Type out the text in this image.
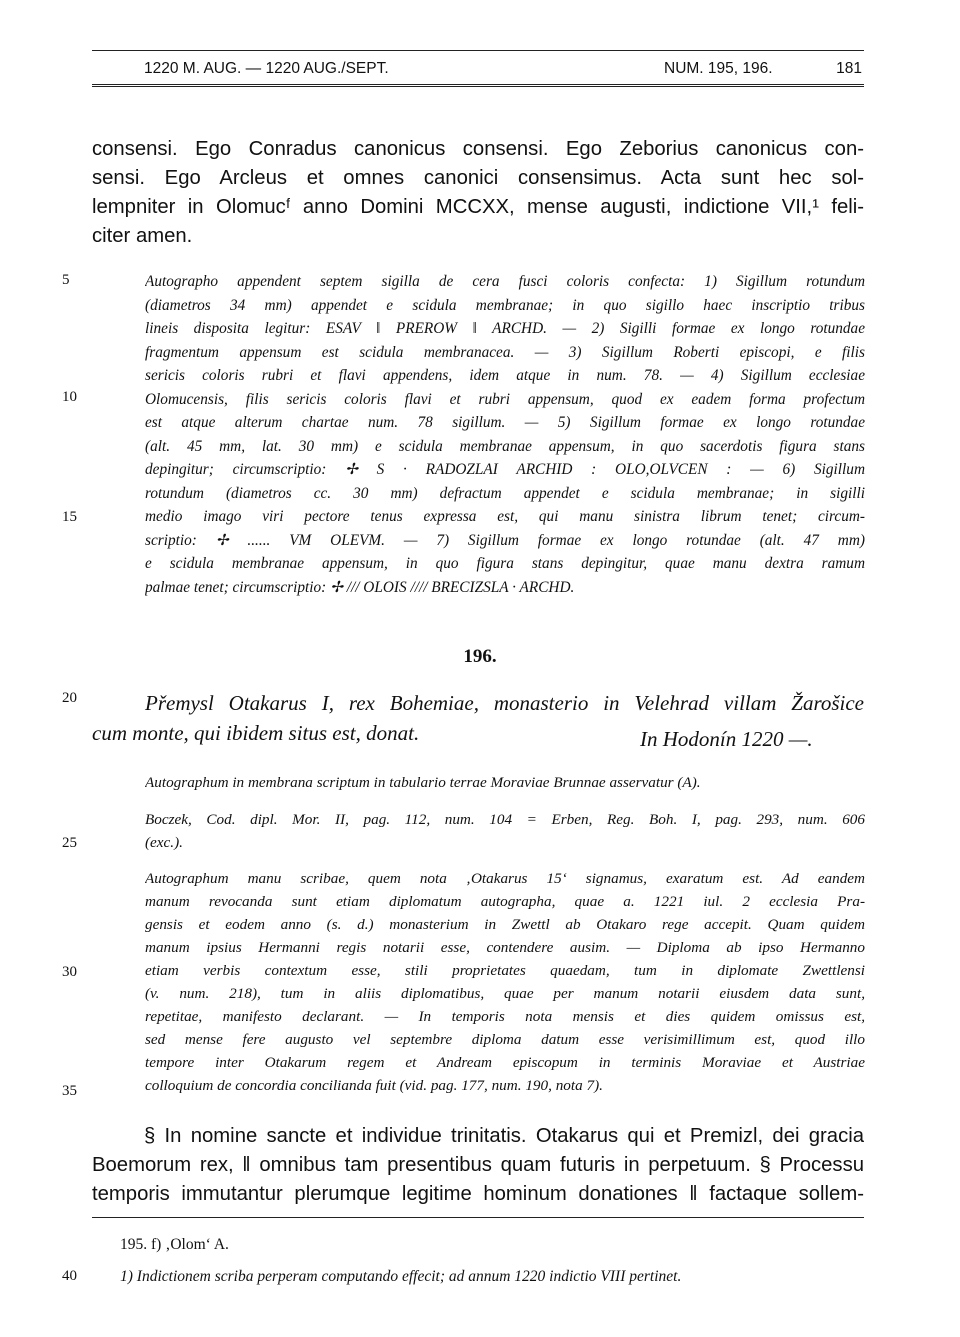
1220 M. AUG. — 1220 AUG./SEPT.	NUM. 195, 196.	181
consensi. Ego Conradus canonicus consensi. Ego Zeborius canonicus con-
sensi. Ego Arcleus et omnes canonici consensimus. Acta sunt hec sol-
lempniter in Olomucᶠ anno Domini MCCXX, mense augusti, indictione VII,¹ feli-
citer amen.
Autographo appendent septem sigilla de cera fusci coloris confecta: 1) Sigillum rotundum
(diametros 34 mm) appendet e scidula membranae; in quo sigillo haec inscriptio tribus
lineis disposita legitur: ESAV ‖ PREROW ‖ ARCHD. — 2) Sigilli formae ex longo rotundae
fragmentum appensum est scidula membranacea. — 3) Sigillum Roberti episcopi, e filis
sericis coloris rubri et flavi appendens, idem atque in num. 78. — 4) Sigillum ecclesiae
Olomucensis, filis sericis coloris flavi et rubri appensum, quod ex eadem forma profectum
est atque alterum chartae num. 78 sigillum. — 5) Sigillum formae ex longo rotundae
(alt. 45 mm, lat. 30 mm) e scidula membranae appensum, in quo sacerdotis figura stans
depingitur; circumscriptio: ✢ S · RADOZLAI ARCHID : OLO,OLVCEN : — 6) Sigillum
rotundum (diametros cc. 30 mm) defractum appendet e scidula membranae; in sigilli
medio imago viri pectore tenus expressa est, qui manu sinistra librum tenet; circum-
scriptio: ✢ ...... VM OLEVM. — 7) Sigillum formae ex longo rotundae (alt. 47 mm)
e scidula membranae appensum, in quo figura stans depingitur, quae manu dextra ramum
palmae tenet; circumscriptio: ✢ /// OLOIS //// BRECIZSLA · ARCHD.
196.
Přemysl Otakarus I, rex Bohemiae, monasterio in Velehrad villam Žarošice
cum monte, qui ibidem situs est, donat.	In Hodonín 1220 —.
Autographum in membrana scriptum in tabulario terrae Moraviae Brunnae asservatur (A).
Boczek, Cod. dipl. Mor. II, pag. 112, num. 104 = Erben, Reg. Boh. I, pag. 293, num. 606
(exc.).
Autographum manu scribae, quem nota ‚Otakarus 15‘ signamus, exaratum est. Ad eandem
manum revocanda sunt etiam diplomatum autographa, quae a. 1221 iul. 2 ecclesia Pra-
gensis et eodem anno (s. d.) monasterium in Zwettl ab Otakaro rege accepit. Quam quidem
manum ipsius Hermanni regis notarii esse, contendere ausim. — Diploma ab ipso Hermanno
etiam verbis contextum esse, stili proprietates quaedam, tum in diplomate Zwettlensi
(v. num. 218), tum in aliis diplomatibus, quae per manum notarii eiusdem data sunt,
repetitae, manifesto declarant. — In temporis nota mensis et dies quidem omissus est,
sed mense fere augusto vel septembre diploma datum esse verisimillimum est, quod illo
tempore inter Otakarum regem et Andream episcopum in terminis Moraviae et Austriae
colloquium de concordia concilianda fuit (vid. pag. 177, num. 190, nota 7).
§ In nomine sancte et individue trinitatis. Otakarus qui et Premizl, dei gracia
Boemorum rex, ‖ omnibus tam presentibus quam futuris in perpetuum. § Processu
temporis immutantur plerumque legitime hominum donationes ‖ factaque sollem-
195. f) ‚Olom‘ A.
1) Indictionem scriba perperam computando effecit; ad annum 1220 indictio VIII pertinet.
5
10
15
20
25
30
35
40
